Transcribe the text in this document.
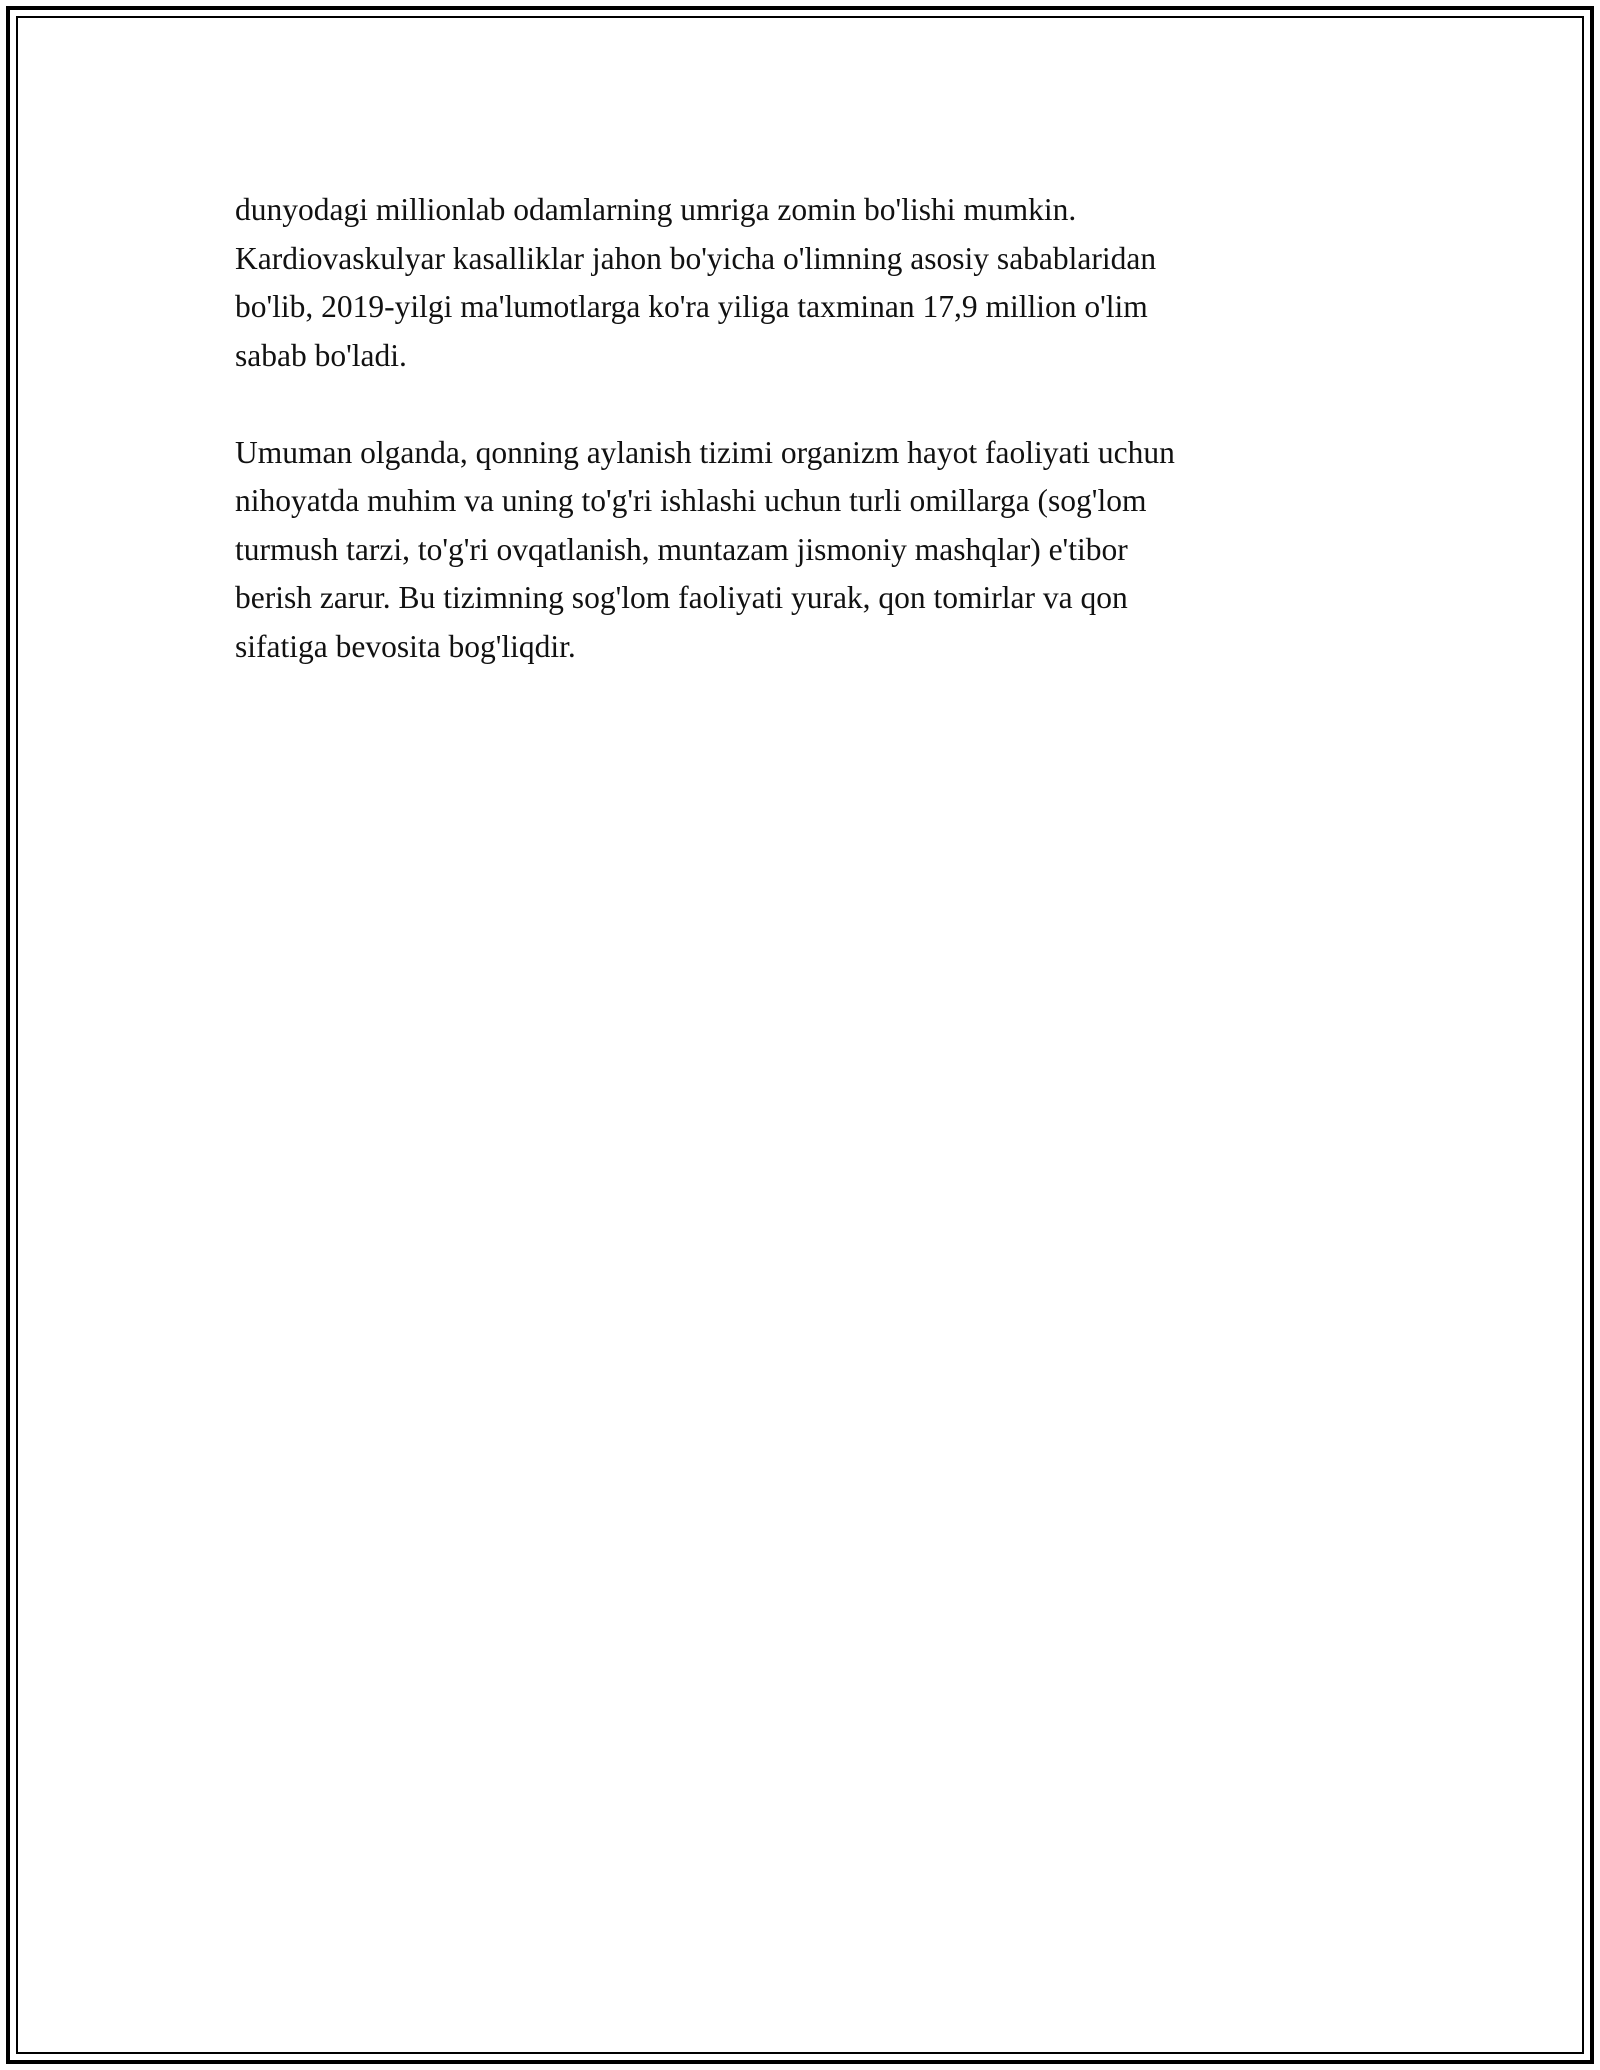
dunyodagi millionlab odamlarning umriga zomin bo'lishi mumkin.
Kardiovaskulyar kasalliklar jahon bo'yicha o'limning asosiy sabablaridan
bo'lib, 2019-yilgi ma'lumotlarga ko'ra yiliga taxminan 17,9 million o'lim
sabab bo'ladi.

Umuman olganda, qonning aylanish tizimi organizm hayot faoliyati uchun
nihoyatda muhim va uning to'g'ri ishlashi uchun turli omillarga (sog'lom
turmush tarzi, to'g'ri ovqatlanish, muntazam jismoniy mashqlar) e'tibor
berish zarur. Bu tizimning sog'lom faoliyati yurak, qon tomirlar va qon
sifatiga bevosita bog'liqdir.
